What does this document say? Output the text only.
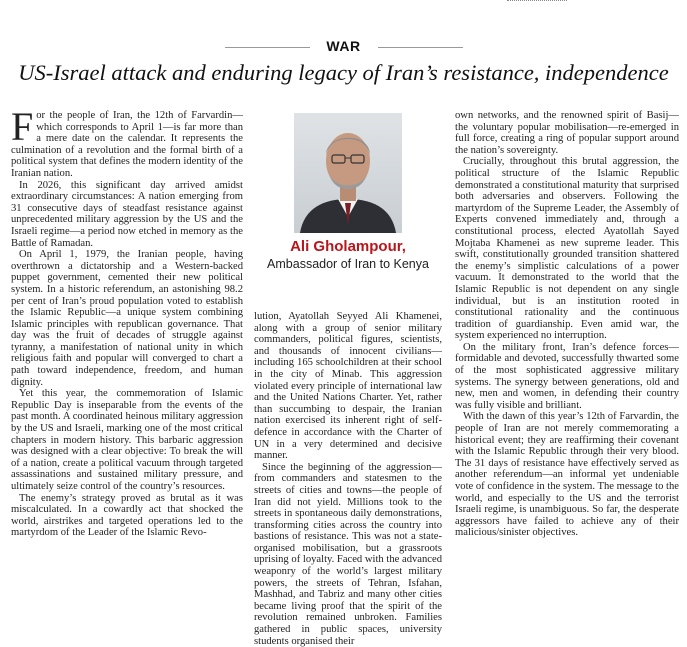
WAR
US-Israel attack and enduring legacy of Iran’s resistance, independence

For the people of Iran, the 12th of Farvardin—which corresponds to April 1—is far more than a mere date on the calendar. It represents the culmination of a revolution and the formal birth of a political system that defines the modern identity of the Iranian nation.

In 2026, this significant day arrived amidst extraordinary circumstances: A nation emerging from 31 consecutive days of steadfast resistance against unprecedented military aggression by the US and the Israeli regime—a period now etched in memory as the Battle of Ramadan.

On April 1, 1979, the Iranian people, having overthrown a dictatorship and a Western-backed puppet government, cemented their new political system. In a historic referendum, an astonishing 98.2 per cent of Iran’s proud population voted to establish the Islamic Republic—a unique system combining Islamic principles with republican governance. That day was the fruit of decades of struggle against tyranny, a manifestation of national unity in which religious faith and popular will converged to chart a path toward independence, freedom, and human dignity.

Yet this year, the commemoration of Islamic Republic Day is inseparable from the events of the past month. A coordinated heinous military aggression by the US and Israeli, marking one of the most critical chapters in modern history. This barbaric aggression was designed with a clear objective: To break the will of a nation, create a political vacuum through targeted assassinations and sustained military pressure, and ultimately seize control of the country’s resources.

The enemy’s strategy proved as brutal as it was miscalculated. In a cowardly act that shocked the world, airstrikes and targeted operations led to the martyrdom of the Leader of the Islamic Revo-

Ali Gholampour,
Ambassador of Iran to Kenya

lution, Ayatollah Seyyed Ali Khamenei, along with a group of senior military commanders, political figures, scientists, and thousands of innocent civilians—including 165 schoolchildren at their school in the city of Minab. This aggression violated every principle of international law and the United Nations Charter. Yet, rather than succumbing to despair, the Iranian nation exercised its inherent right of self-defence in accordance with the Charter of UN in a very determined and decisive manner.

Since the beginning of the aggression—from commanders and statesmen to the streets of cities and towns—the people of Iran did not yield. Millions took to the streets in spontaneous daily demonstrations, transforming cities across the country into bastions of resistance. This was not a state-organised mobilisation, but a grassroots uprising of loyalty. Faced with the advanced weaponry of the world’s largest military powers, the streets of Tehran, Isfahan, Mashhad, and Tabriz and many other cities became living proof that the spirit of the revolution remained unbroken. Families gathered in public spaces, university students organised their

own networks, and the renowned spirit of Basij—the voluntary popular mobilisation—re-emerged in full force, creating a ring of popular support around the nation’s sovereignty.

Crucially, throughout this brutal aggression, the political structure of the Islamic Republic demonstrated a constitutional maturity that surprised both adversaries and observers. Following the martyrdom of the Supreme Leader, the Assembly of Experts convened immediately and, through a constitutional process, elected Ayatollah Sayed Mojtaba Khamenei as new supreme leader. This swift, constitutionally grounded transition shattered the enemy’s simplistic calculations of a power vacuum. It demonstrated to the world that the Islamic Republic is not dependent on any single individual, but is an institution rooted in constitutional rationality and the continuous tradition of guardianship. Even amid war, the system experienced no interruption.

On the military front, Iran’s defence forces—formidable and devoted, successfully thwarted some of the most sophisticated aggressive military systems. The synergy between generations, old and new, men and women, in defending their country was fully visible and brilliant.

With the dawn of this year’s 12th of Farvardin, the people of Iran are not merely commemorating a historical event; they are reaffirming their covenant with the Islamic Republic through their very blood. The 31 days of resistance have effectively served as another referendum—an informal yet undeniable vote of confidence in the system. The message to the world, and especially to the US and the terrorist Israeli regime, is unambiguous. So far, the desperate aggressors have failed to achieve any of their malicious/sinister objectives.
